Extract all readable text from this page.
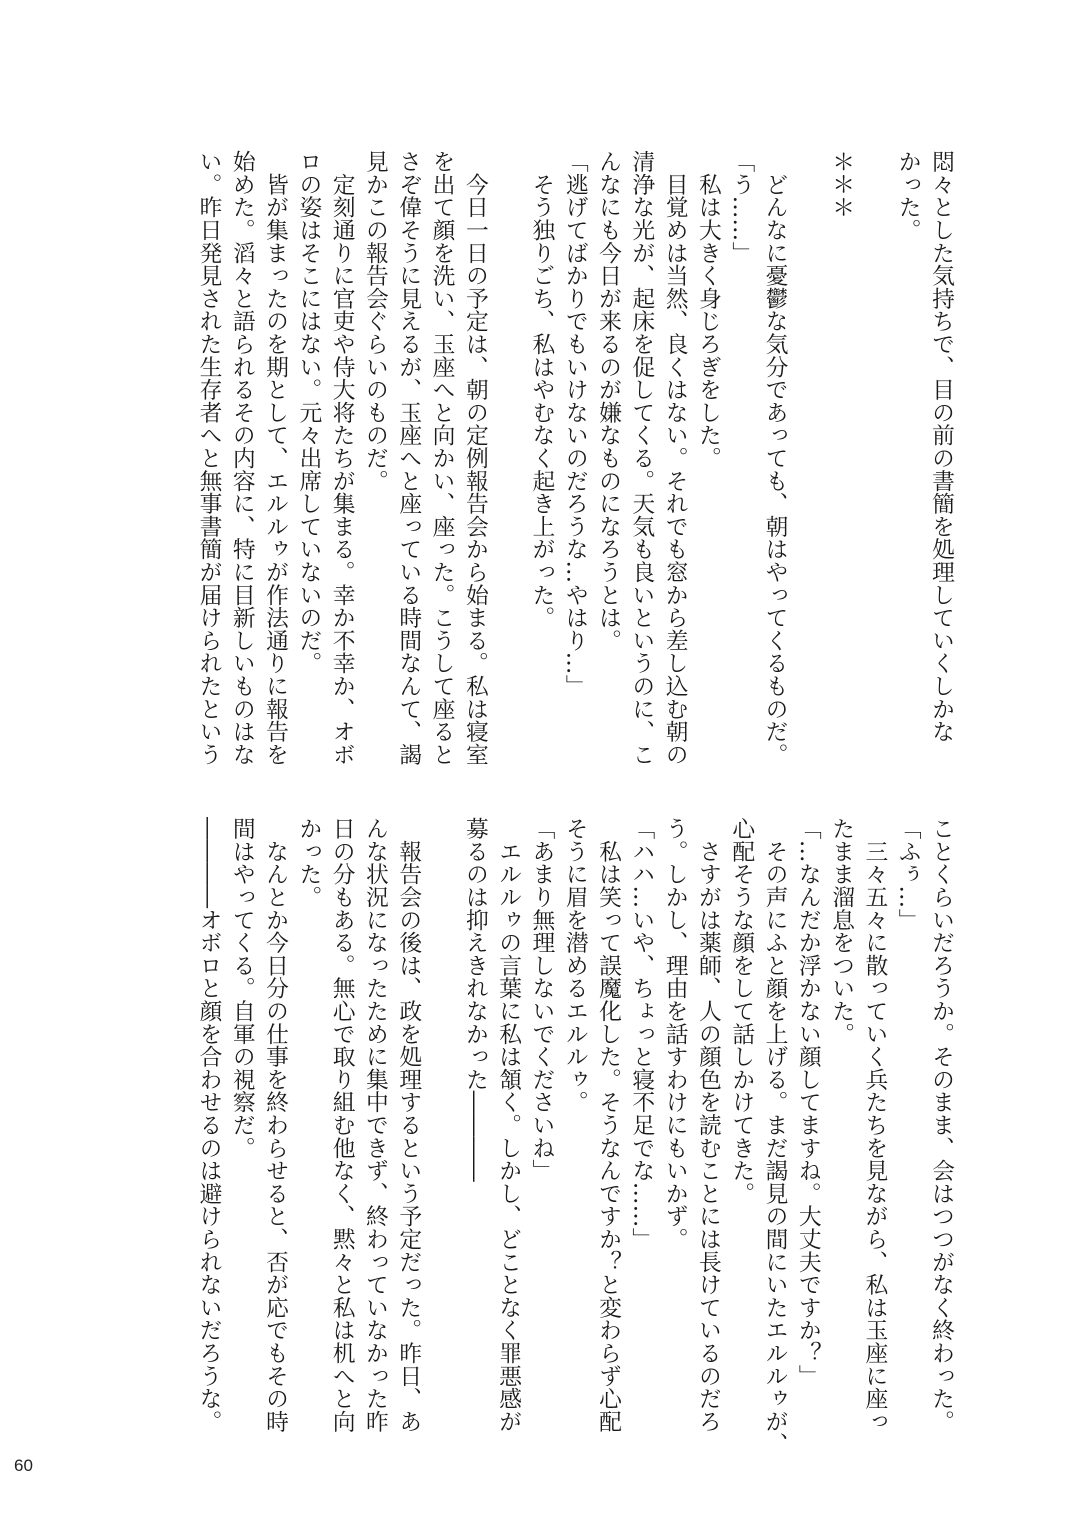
悶々とした気持ちで、目の前の書簡を処理していくしかな
かった。
＊＊＊
　どんなに憂鬱な気分であっても、朝はやってくるものだ。
「う……」
　私は大きく身じろぎをした。
　目覚めは当然、良くはない。それでも窓から差し込む朝の
清浄な光が、起床を促してくる。天気も良いというのに、こ
んなにも今日が来るのが嫌なものになろうとは。
「逃げてばかりでもいけないのだろうな…やはり…」
　そう独りごち、私はやむなく起き上がった。
　今日一日の予定は、朝の定例報告会から始まる。私は寝室
を出て顔を洗い、玉座へと向かい、座った。こうして座ると
さぞ偉そうに見えるが、玉座へと座っている時間なんて、謁
見かこの報告会ぐらいのものだ。
　定刻通りに官吏や侍大将たちが集まる。幸か不幸か、オボ
ロの姿はそこにはない。元々出席していないのだ。
　皆が集まったのを期として、エルルゥが作法通りに報告を
始めた。滔々と語られるその内容に、特に目新しいものはな
い。昨日発見された生存者へと無事書簡が届けられたという
ことくらいだろうか。そのまま、会はつつがなく終わった。
「ふぅ…」
　三々五々に散っていく兵たちを見ながら、私は玉座に座っ
たまま溜息をついた。
「…なんだか浮かない顔してますね。大丈夫ですか？」
　その声にふと顔を上げる。まだ謁見の間にいたエルルゥが、
心配そうな顔をして話しかけてきた。
　さすがは薬師、人の顔色を読むことには長けているのだろ
う。しかし、理由を話すわけにもいかず。
「ハハ…いや、ちょっと寝不足でな……」
　私は笑って誤魔化した。そうなんですか？と変わらず心配
そうに眉を潜めるエルルゥ。
「あまり無理しないでくださいね」
　エルルゥの言葉に私は頷く。しかし、どことなく罪悪感が
募るのは抑えきれなかった――――
　報告会の後は、政を処理するという予定だった。昨日、あ
んな状況になったために集中できず、終わっていなかった昨
日の分もある。無心で取り組む他なく、黙々と私は机へと向
かった。
　なんとか今日分の仕事を終わらせると、否が応でもその時
間はやってくる。自軍の視察だ。
――――オボロと顔を合わせるのは避けられないだろうな。
60
